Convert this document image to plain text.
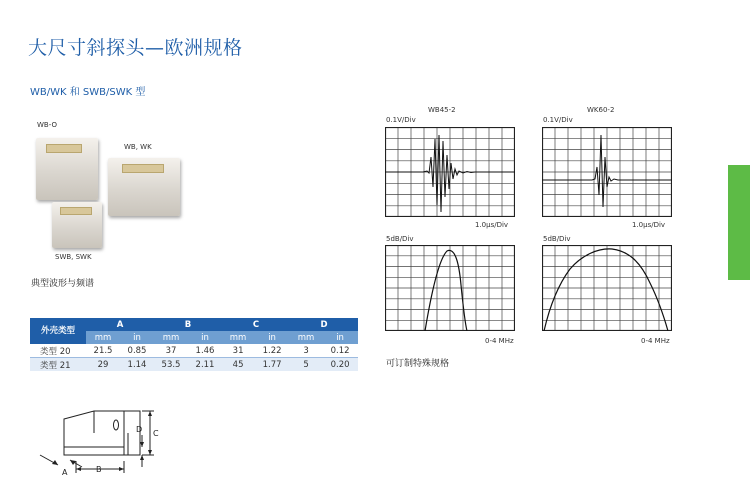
大尺寸斜探头—欧洲规格
WB/WK 和 SWB/SWK 型
WB-O
WB, WK
SWB, SWK
典型波形与频谱
外壳类型	A		B		C		D	
	mm	in	mm	in	mm	in	mm	in
类型 20	21.5	0.85	37	1.46	31	1.22	3	0.12
类型 21	29	1.14	53.5	2.11	45	1.77	5	0.20
A	B
C
D
WB45-2
0.1V/Div
1.0µs/Div
5dB/Div
0-4 MHz
WK60-2
0.1V/Div
1.0µs/Div
5dB/Div
0-4 MHz
可订制特殊规格
